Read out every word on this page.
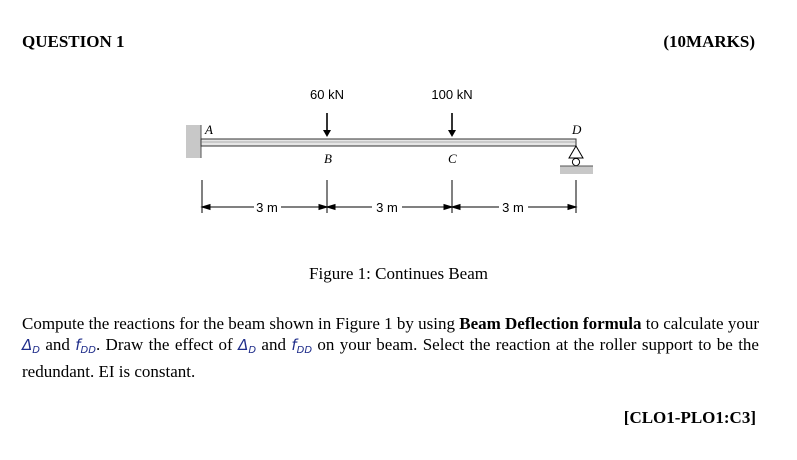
QUESTION 1	(10MARKS)
60 kN	100 kN
A
B	C
D
3 m	3 m	3 m
Figure 1: Continues Beam
Compute the reactions for the beam shown in Figure 1 by using Beam Deflection formula to calculate your $\Delta_D$ and $f_{DD}$. Draw the effect of $\Delta_D$ and $f_{DD}$ on your beam. Select the reaction at the roller support to be the redundant. EI is constant.
[CLO1-PLO1:C3]
